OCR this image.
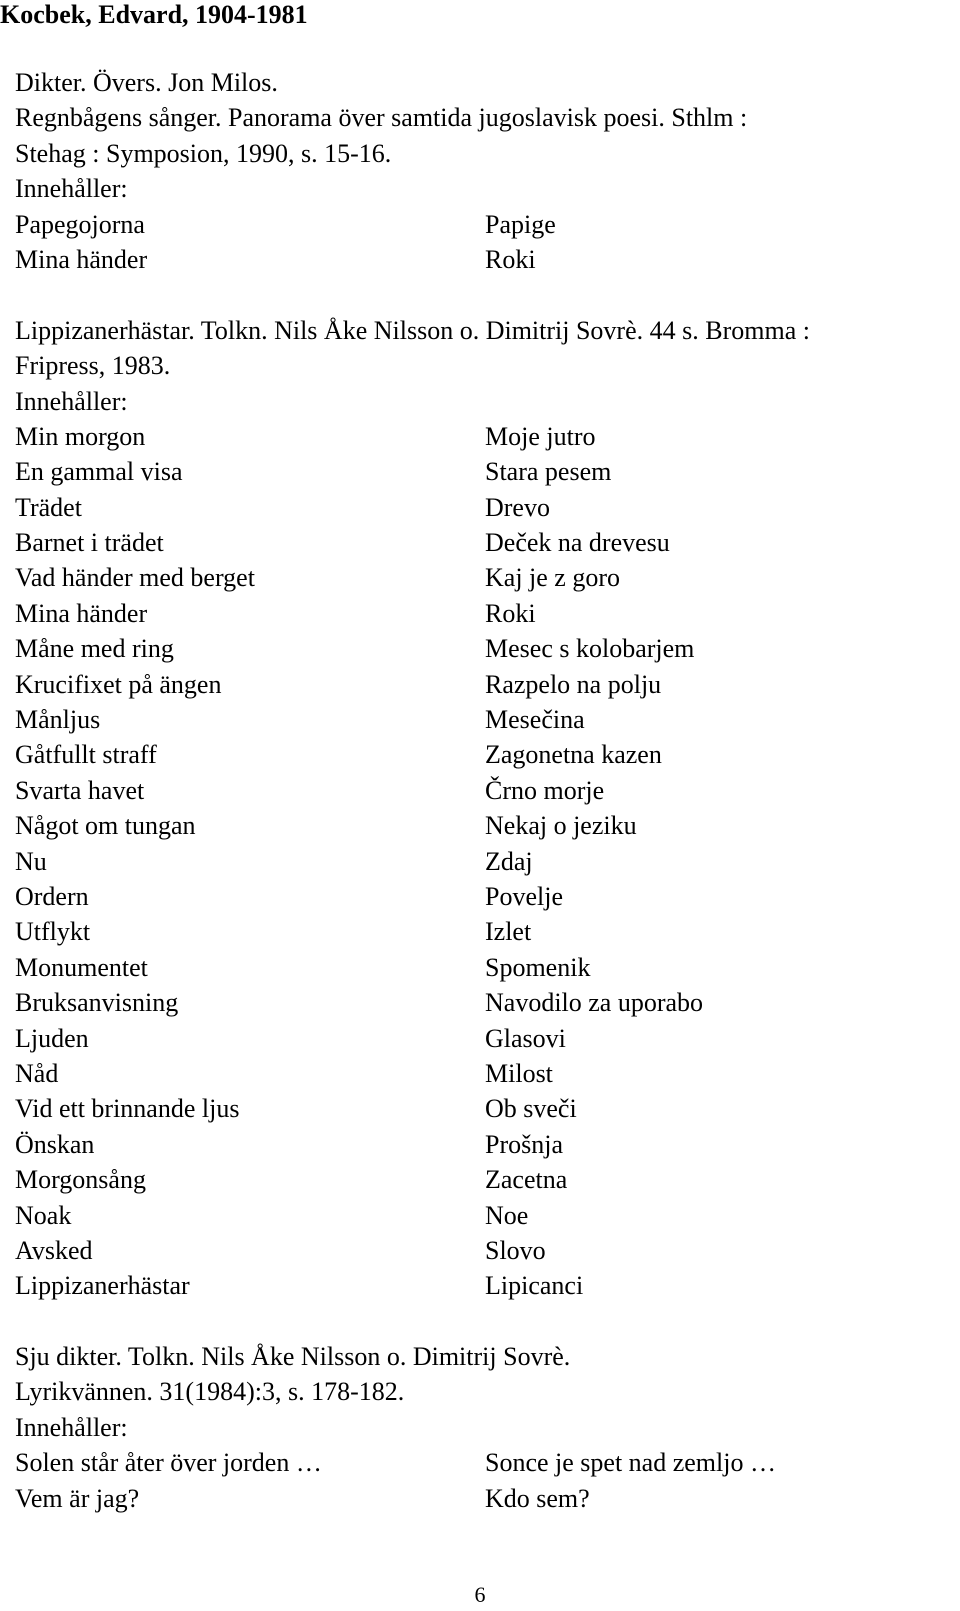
Kocbek, Edvard, 1904-1981
Dikter. Övers. Jon Milos.
Regnbågens sånger. Panorama över samtida jugoslavisk poesi. Sthlm :
Stehag : Symposion, 1990, s. 15-16.
Innehåller:
Papegojorna	Papige
Mina händer	Roki
Lippizanerhästar. Tolkn. Nils Åke Nilsson o. Dimitrij Sovrè. 44 s. Bromma :
Fripress, 1983.
Innehåller:
Min morgon	Moje jutro
En gammal visa	Stara pesem
Trädet	Drevo
Barnet i trädet	Deček na drevesu
Vad händer med berget	Kaj je z goro
Mina händer	Roki
Måne med ring	Mesec s kolobarjem
Krucifixet på ängen	Razpelo na polju
Månljus	Mesečina
Gåtfullt straff	Zagonetna kazen
Svarta havet	Črno morje
Något om tungan	Nekaj o jeziku
Nu	Zdaj
Ordern	Povelje
Utflykt	Izlet
Monumentet	Spomenik
Bruksanvisning	Navodilo za uporabo
Ljuden	Glasovi
Nåd	Milost
Vid ett brinnande ljus	Ob sveči
Önskan	Prošnja
Morgonsång	Zacetna
Noak	Noe
Avsked	Slovo
Lippizanerhästar	Lipicanci
Sju dikter. Tolkn. Nils Åke Nilsson o. Dimitrij Sovrè.
Lyrikvännen. 31(1984):3, s. 178-182.
Innehåller:
Solen står åter över jorden …	Sonce je spet nad zemljo …
Vem är jag?	Kdo sem?
6
